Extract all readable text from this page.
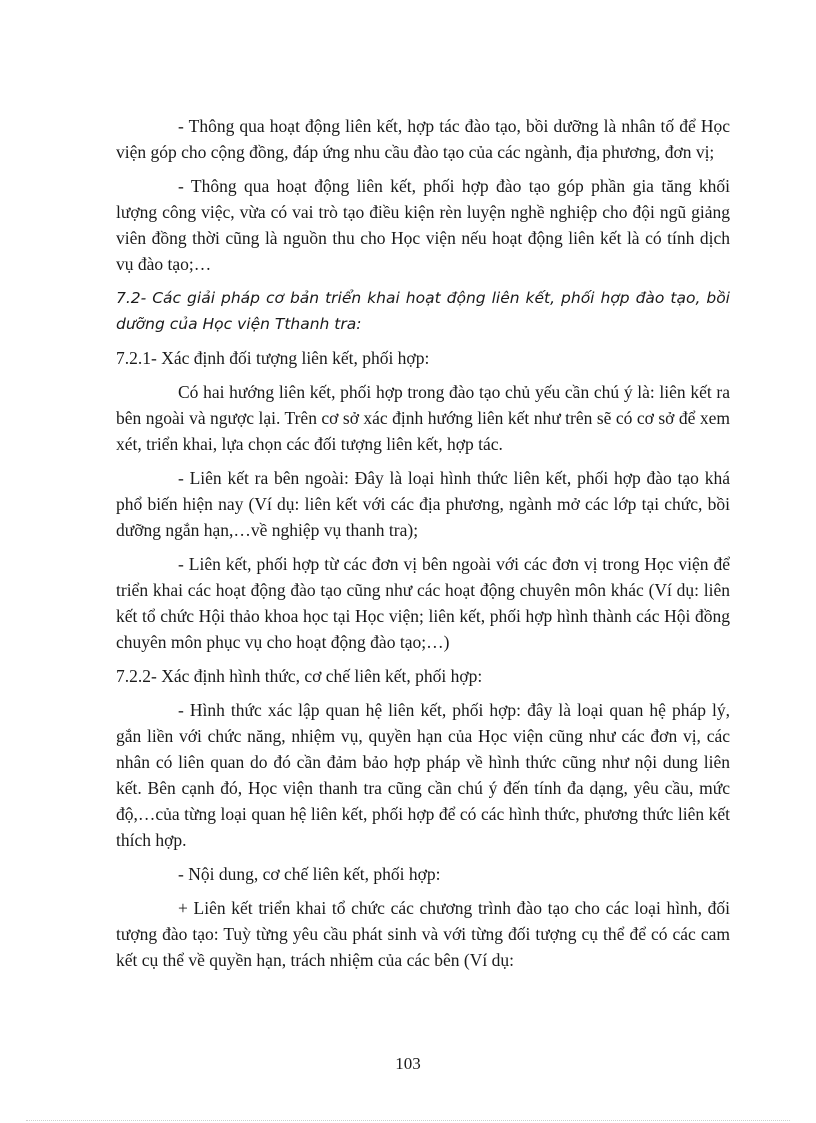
- Thông qua hoạt động liên kết, hợp tác đào tạo, bồi dưỡng là nhân tố để Học viện góp cho cộng đồng, đáp ứng nhu cầu đào tạo của các ngành, địa phương, đơn vị;

- Thông qua hoạt động liên kết, phối hợp đào tạo góp phần gia tăng khối lượng công việc, vừa có vai trò tạo điều kiện rèn luyện nghề nghiệp cho đội ngũ giảng viên đồng thời cũng là nguồn thu cho Học viện nếu hoạt động liên kết là có tính dịch vụ đào tạo;…

7.2- Các giải pháp cơ bản triển khai hoạt động liên kết, phối hợp đào tạo, bồi dưỡng của Học viện Tthanh tra:

7.2.1- Xác định đối tượng liên kết, phối hợp:

Có hai hướng liên kết, phối hợp trong đào tạo chủ yếu cần chú ý là: liên kết ra bên ngoài và ngược lại. Trên cơ sở xác định hướng liên kết như trên sẽ có cơ sở để xem xét, triển khai, lựa chọn các đối tượng liên kết, hợp tác.

- Liên kết ra bên ngoài: Đây là loại hình thức liên kết, phối hợp đào tạo khá phổ biến hiện nay (Ví dụ: liên kết với các địa phương, ngành mở các lớp tại chức, bồi dưỡng ngắn hạn,…về nghiệp vụ thanh tra);

- Liên kết, phối hợp từ các đơn vị bên ngoài với các đơn vị trong Học viện để triển khai các hoạt động đào tạo cũng như các hoạt động chuyên môn khác (Ví dụ: liên kết tổ chức Hội thảo khoa học tại Học viện; liên kết, phối hợp hình thành các Hội đồng chuyên môn phục vụ cho hoạt động đào tạo;…)

7.2.2- Xác định hình thức, cơ chế liên kết, phối hợp:

- Hình thức xác lập quan hệ liên kết, phối hợp: đây là loại quan hệ pháp lý, gắn liền với chức năng, nhiệm vụ, quyền hạn của Học viện cũng như các đơn vị, các nhân có liên quan do đó cần đảm bảo hợp pháp về hình thức cũng như nội dung liên kết. Bên cạnh đó, Học viện thanh tra cũng cần chú ý đến tính đa dạng, yêu cầu, mức độ,…của từng loại quan hệ liên kết, phối hợp để có các hình thức, phương thức liên kết thích hợp.

- Nội dung, cơ chế liên kết, phối hợp:

+ Liên kết triển khai tổ chức các chương trình đào tạo cho các loại hình, đối tượng đào tạo: Tuỳ từng yêu cầu phát sinh và với từng đối tượng cụ thể để có các cam kết cụ thể về quyền hạn, trách nhiệm của các bên (Ví dụ:

103
